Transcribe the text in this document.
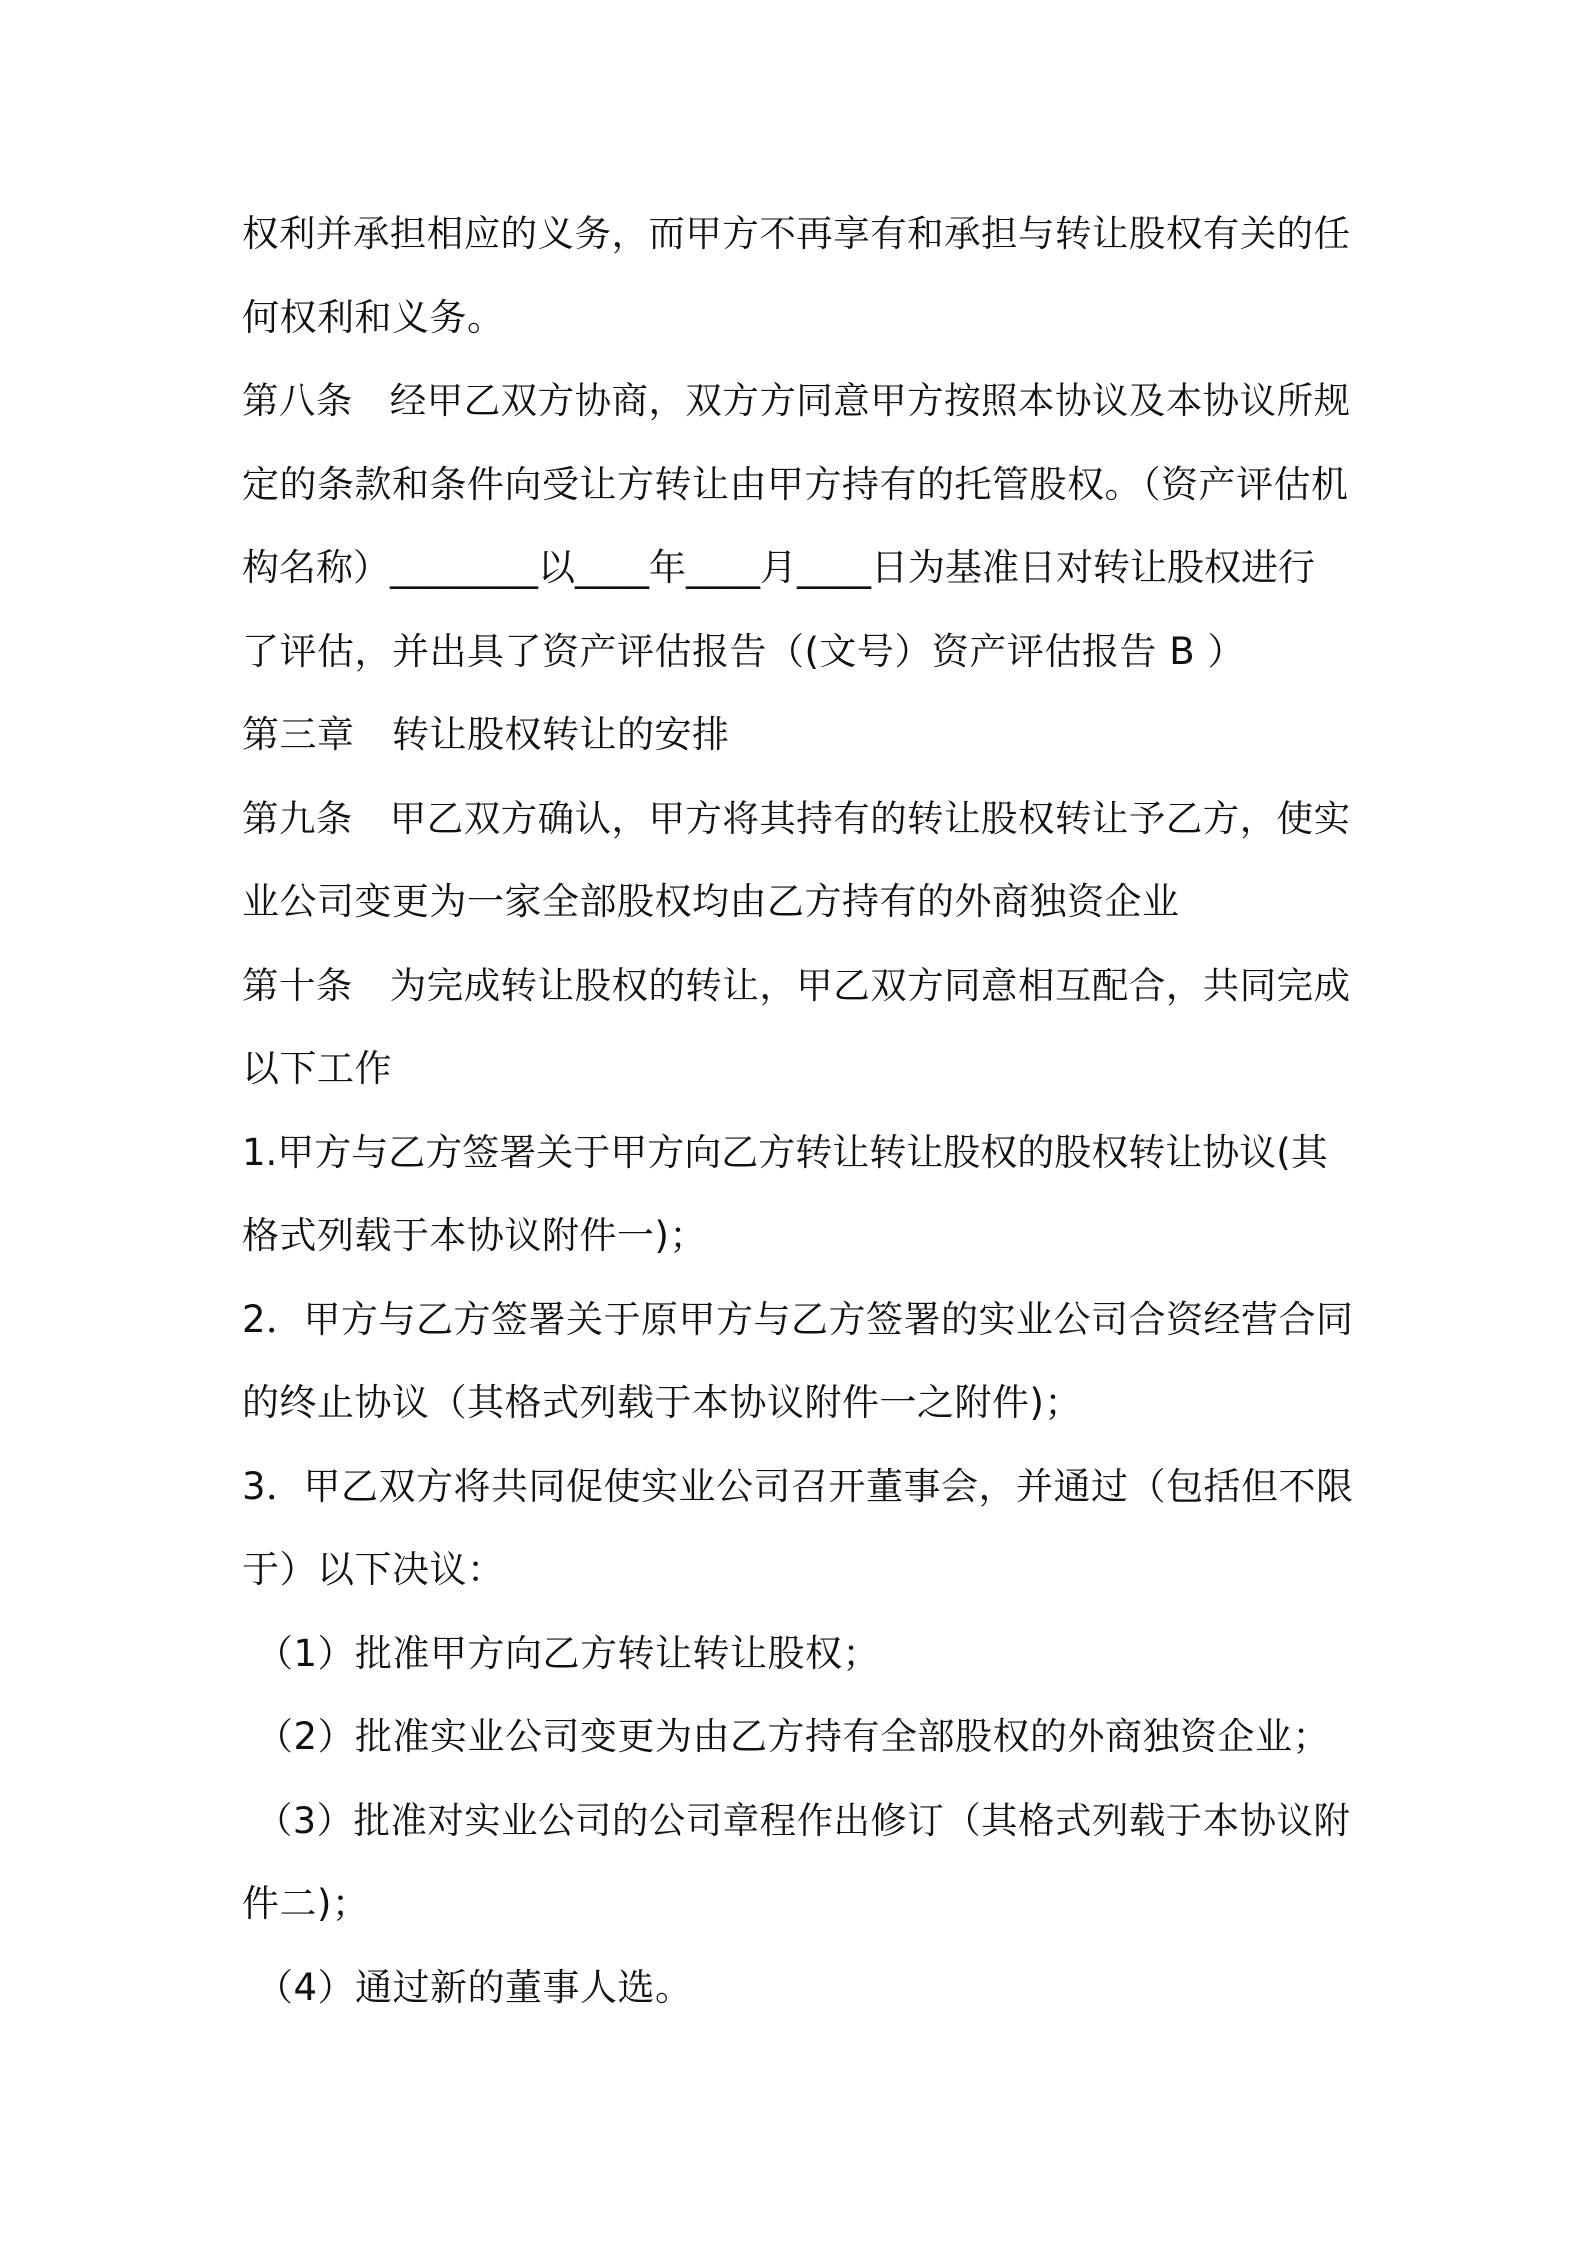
权利并承担相应的义务，而甲方不再享有和承担与转让股权有关的任
何权利和义务。
第八条　经甲乙双方协商，双方方同意甲方按照本协议及本协议所规
定的条款和条件向受让方转让由甲方持有的托管股权。（资产评估机
构名称）________以____年____月____日为基准日对转让股权进行
了评估，并出具了资产评估报告（(文号）资产评估报告 B ）
第三章　转让股权转让的安排
第九条　甲乙双方确认，甲方将其持有的转让股权转让予乙方，使实
业公司变更为一家全部股权均由乙方持有的外商独资企业
第十条　为完成转让股权的转让，甲乙双方同意相互配合，共同完成
以下工作
1.甲方与乙方签署关于甲方向乙方转让转让股权的股权转让协议(其
格式列载于本协议附件一)；
2．甲方与乙方签署关于原甲方与乙方签署的实业公司合资经营合同
的终止协议（其格式列载于本协议附件一之附件)；
3．甲乙双方将共同促使实业公司召开董事会，并通过（包括但不限
于）以下决议：
（1）批准甲方向乙方转让转让股权；
（2）批准实业公司变更为由乙方持有全部股权的外商独资企业；
（3）批准对实业公司的公司章程作出修订（其格式列载于本协议附
件二)；
（4）通过新的董事人选。
